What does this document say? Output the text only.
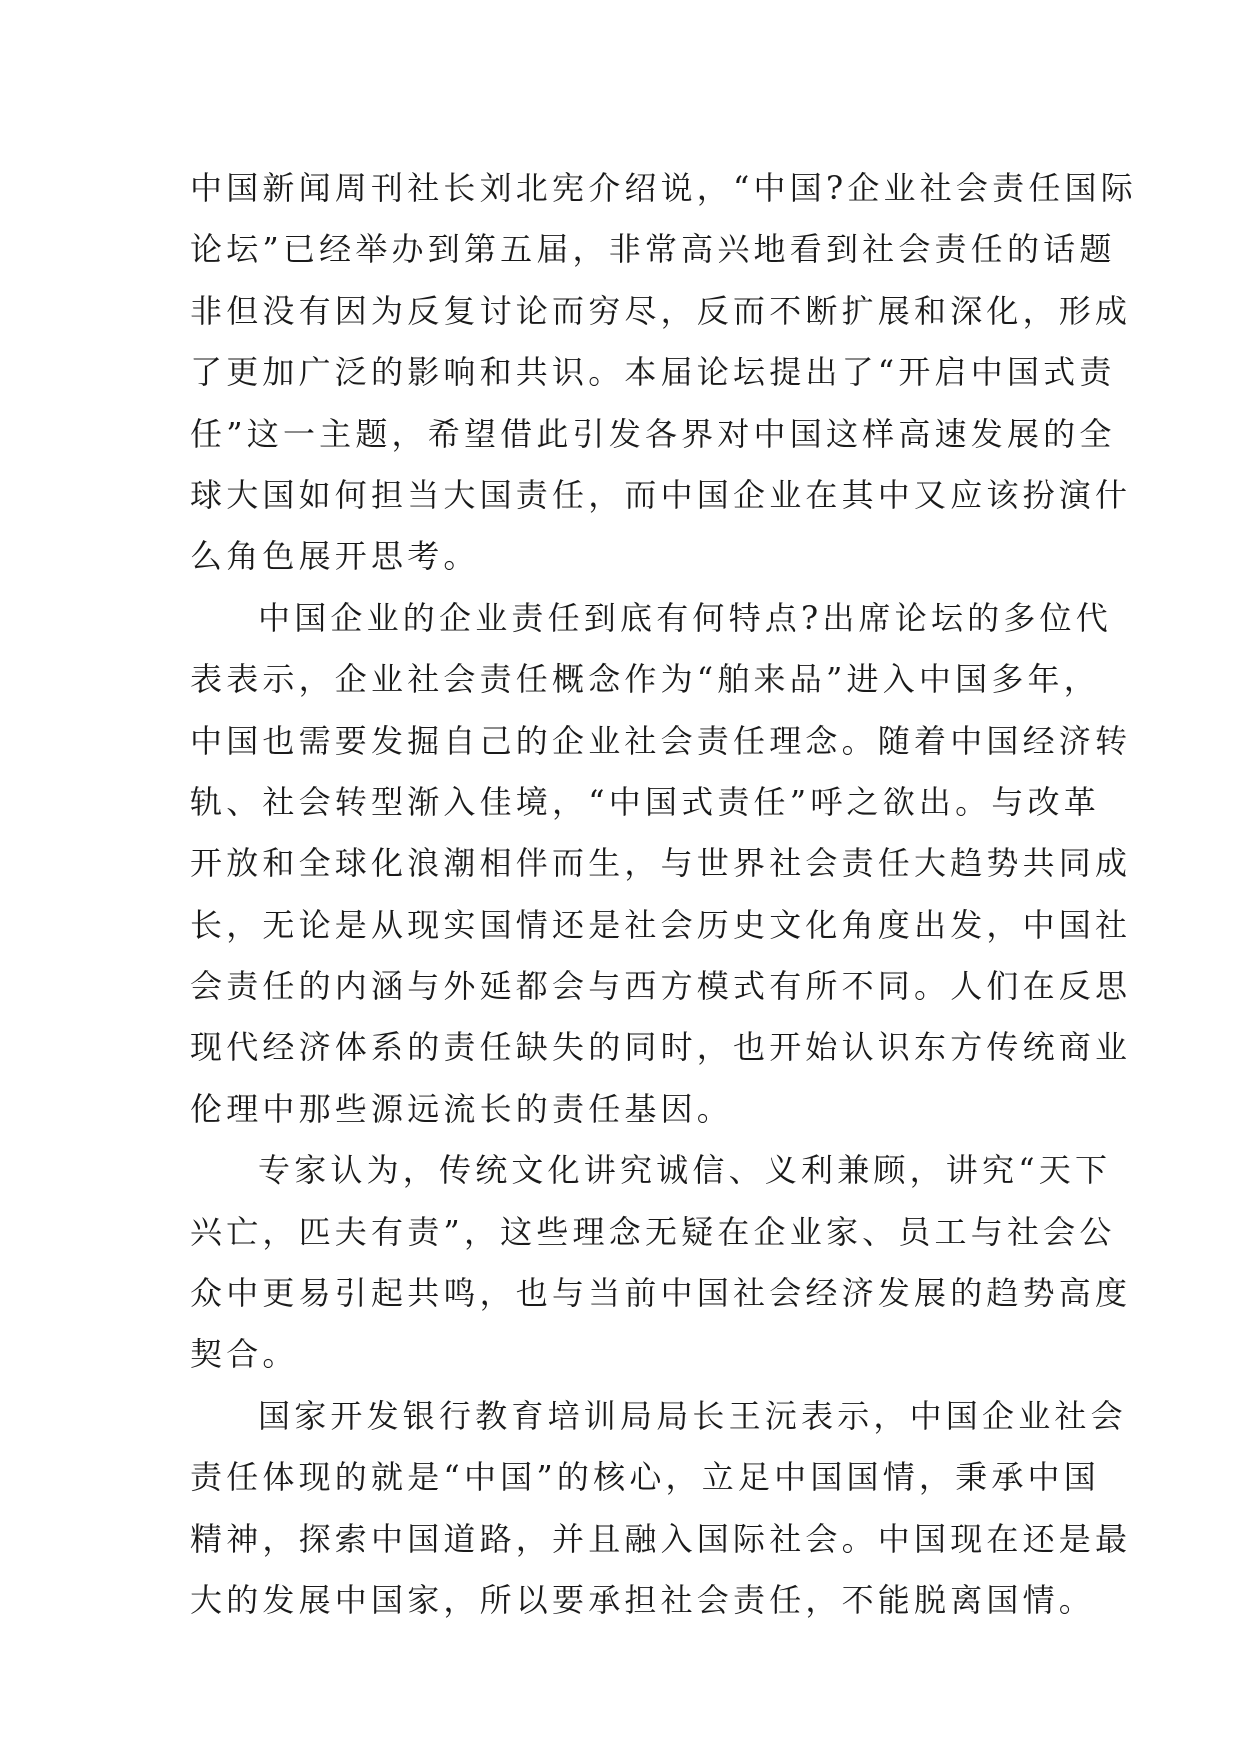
中国新闻周刊社长刘北宪介绍说，“中国?企业社会责任国际
论坛”已经举办到第五届，非常高兴地看到社会责任的话题
非但没有因为反复讨论而穷尽，反而不断扩展和深化，形成
了更加广泛的影响和共识。本届论坛提出了“开启中国式责
任”这一主题，希望借此引发各界对中国这样高速发展的全
球大国如何担当大国责任，而中国企业在其中又应该扮演什
么角色展开思考。
中国企业的企业责任到底有何特点?出席论坛的多位代
表表示，企业社会责任概念作为“舶来品”进入中国多年，
中国也需要发掘自己的企业社会责任理念。随着中国经济转
轨、社会转型渐入佳境，“中国式责任”呼之欲出。与改革
开放和全球化浪潮相伴而生，与世界社会责任大趋势共同成
长，无论是从现实国情还是社会历史文化角度出发，中国社
会责任的内涵与外延都会与西方模式有所不同。人们在反思
现代经济体系的责任缺失的同时，也开始认识东方传统商业
伦理中那些源远流长的责任基因。
专家认为，传统文化讲究诚信、义利兼顾，讲究“天下
兴亡，匹夫有责”，这些理念无疑在企业家、员工与社会公
众中更易引起共鸣，也与当前中国社会经济发展的趋势高度
契合。
国家开发银行教育培训局局长王沅表示，中国企业社会
责任体现的就是“中国”的核心，立足中国国情，秉承中国
精神，探索中国道路，并且融入国际社会。中国现在还是最
大的发展中国家，所以要承担社会责任，不能脱离国情。
